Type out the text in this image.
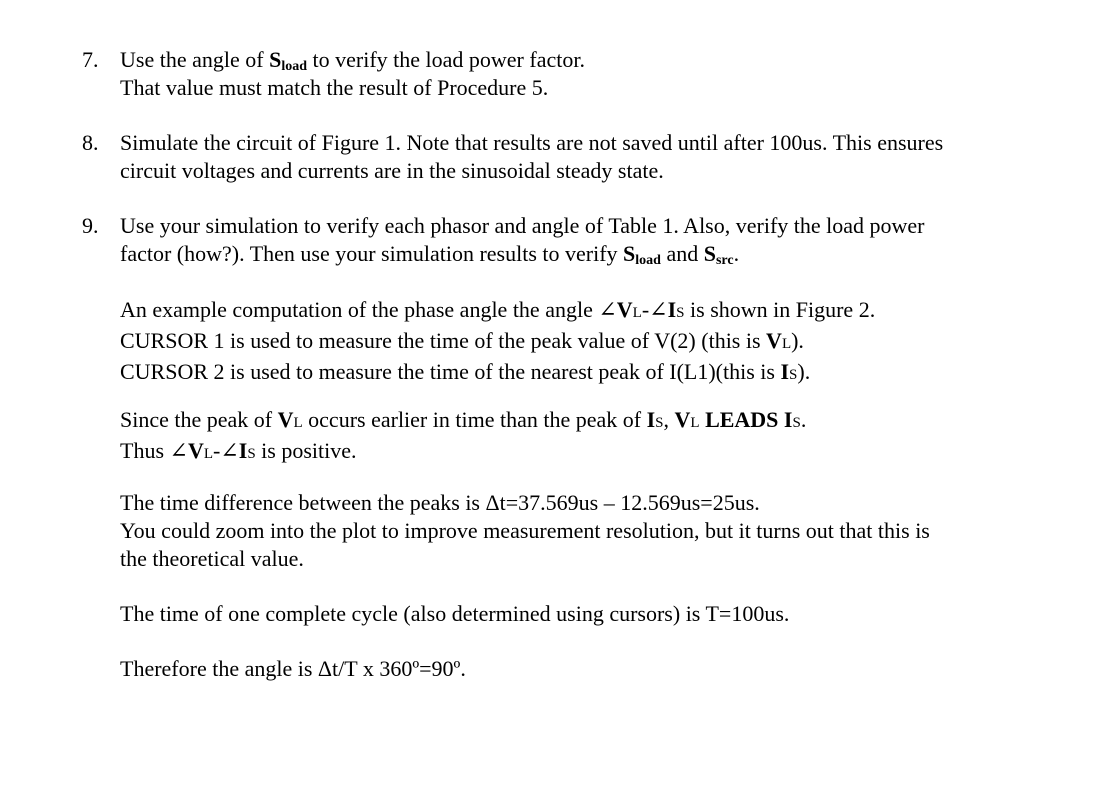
7. Use the angle of $S_{load}$ to verify the load power factor.
That value must match the result of Procedure 5.
8. Simulate the circuit of Figure 1. Note that results are not saved until after 100us. This ensures
circuit voltages and currents are in the sinusoidal steady state.
9. Use your simulation to verify each phasor and angle of Table 1. Also, verify the load power
factor (how?). Then use your simulation results to verify $S_{load}$ and $S_{src}$.
An example computation of the phase angle the angle ∠VL-∠IS is shown in Figure 2.
CURSOR 1 is used to measure the time of the peak value of V(2) (this is VL).
CURSOR 2 is used to measure the time of the nearest peak of I(L1)(this is IS).
Since the peak of VL occurs earlier in time than the peak of IS, VL LEADS IS.
Thus ∠VL-∠IS is positive.
The time difference between the peaks is Δt=37.569us – 12.569us=25us.
You could zoom into the plot to improve measurement resolution, but it turns out that this is
the theoretical value.
The time of one complete cycle (also determined using cursors) is T=100us.
Therefore the angle is Δt/T x 360º=90º.
